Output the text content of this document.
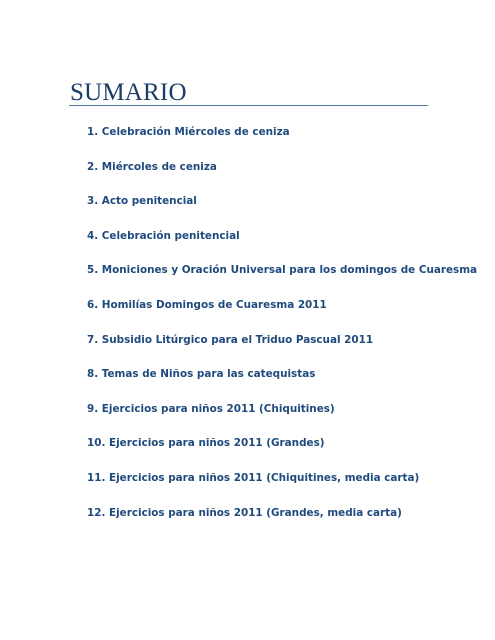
SUMARIO
1. Celebración Miércoles de ceniza
2. Miércoles de ceniza
3. Acto penitencial
4. Celebración penitencial
5. Moniciones y Oración Universal para los domingos de Cuaresma
6. Homilías Domingos de Cuaresma 2011
7. Subsidio Litúrgico para el Triduo Pascual 2011
8. Temas de Niños para las catequistas
9. Ejercicios para niños 2011 (Chiquitines)
10. Ejercicios para niños 2011 (Grandes)
11. Ejercicios para niños 2011 (Chiquitines, media carta)
12. Ejercicios para niños 2011 (Grandes, media carta)
